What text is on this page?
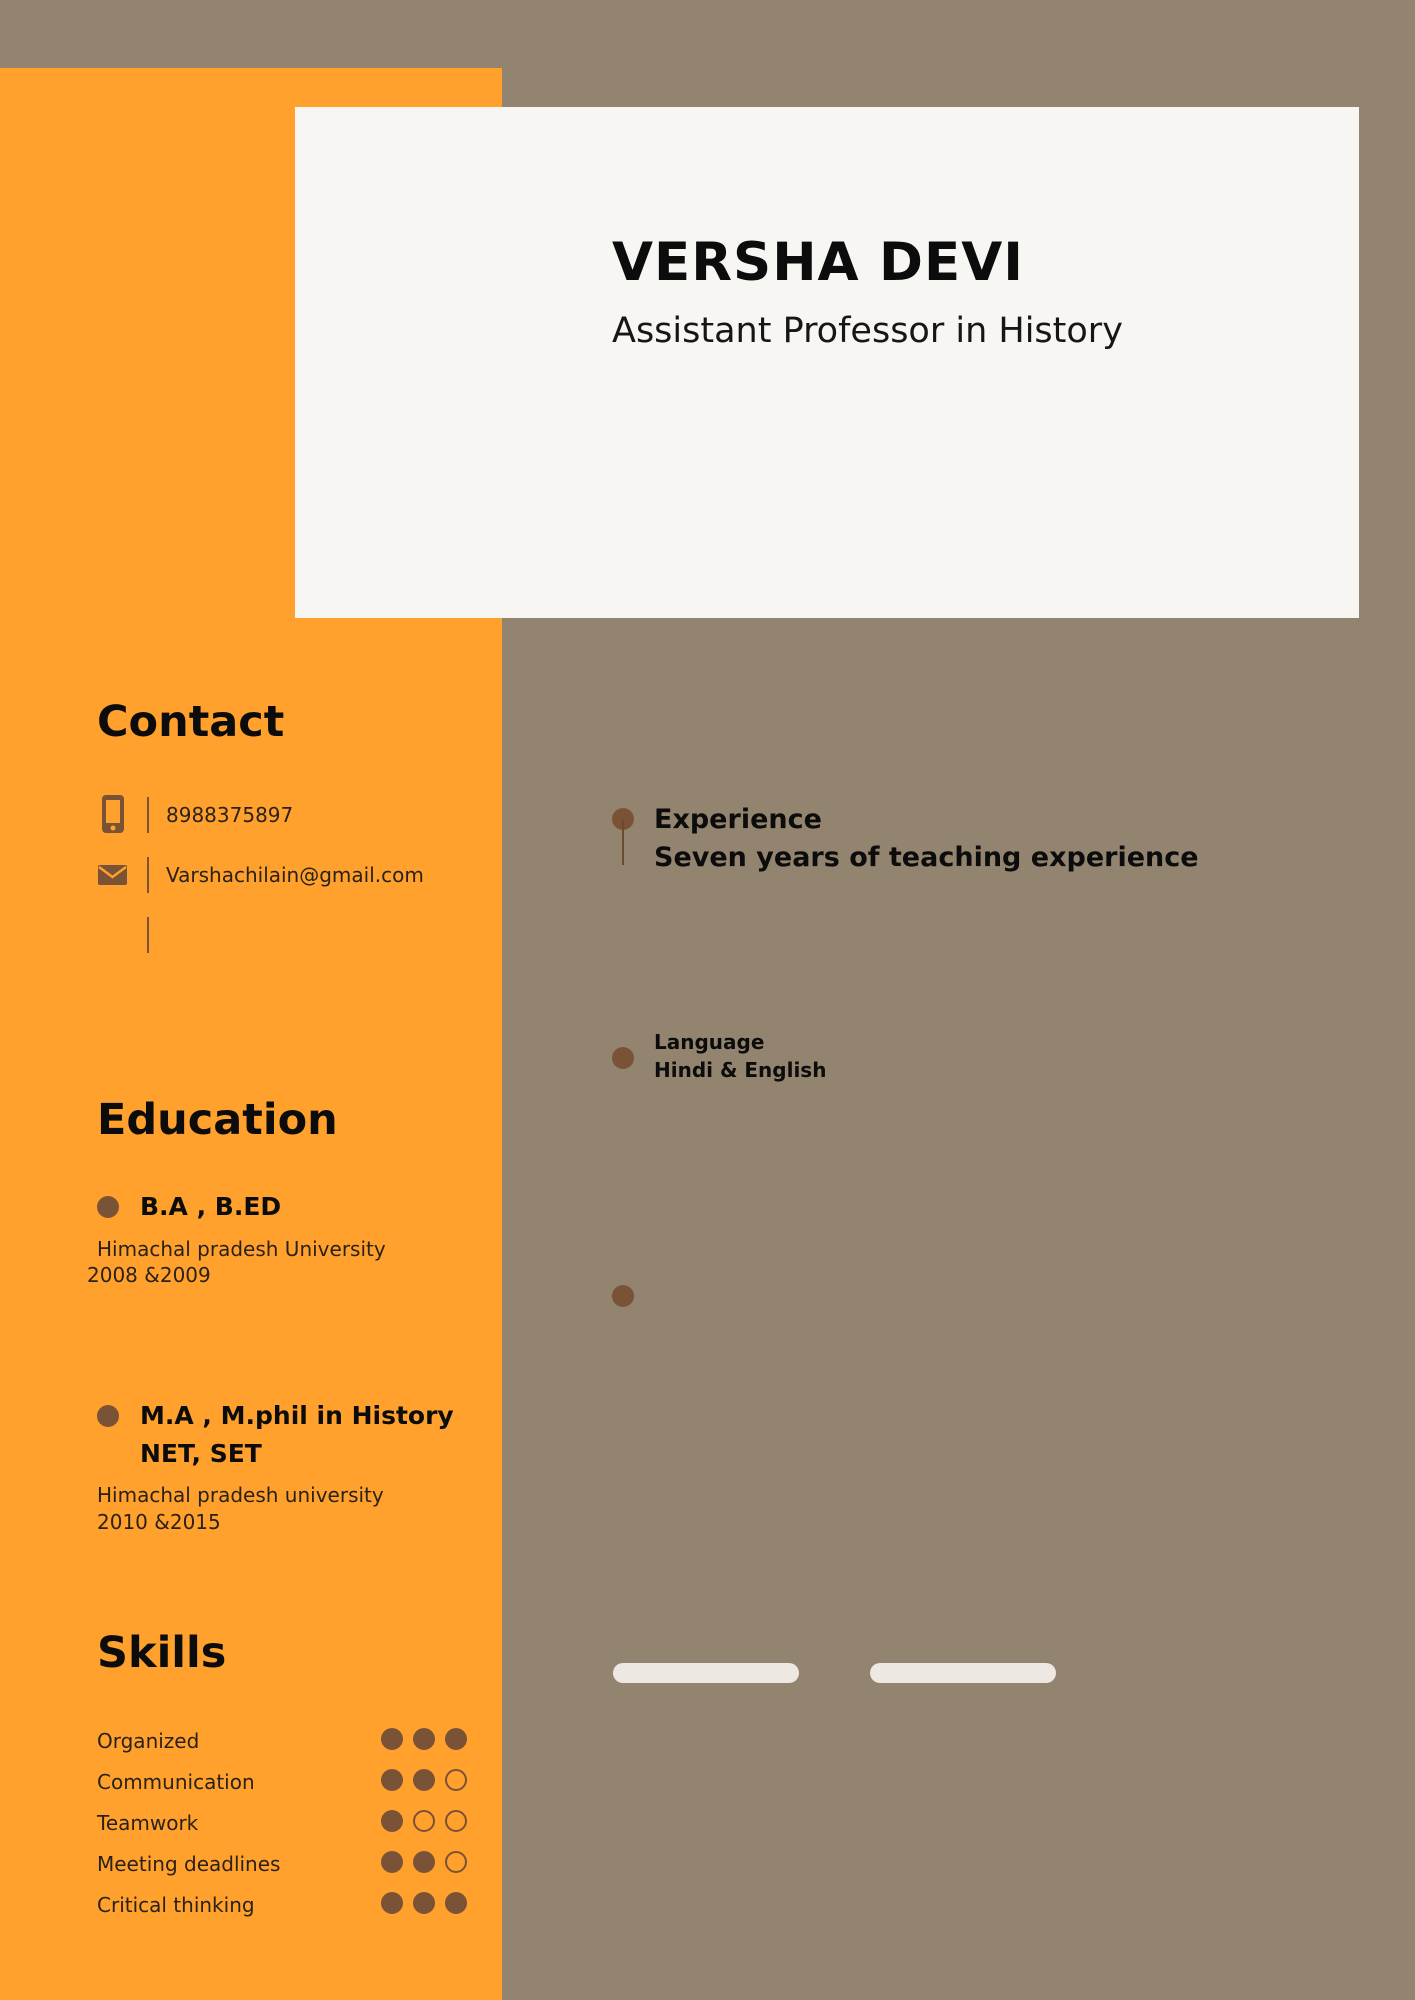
VERSHA DEVI
Assistant Professor in History
Contact
8988375897
Varshachilain@gmail.com
Education
B.A , B.ED
Himachal pradesh University
2008 &2009
M.A , M.phil in History
NET, SET
Himachal pradesh university
2010 &2015
Skills
Organized
Communication
Teamwork
Meeting deadlines
Critical thinking
Experience
Seven years of teaching experience
Language
Hindi & English
